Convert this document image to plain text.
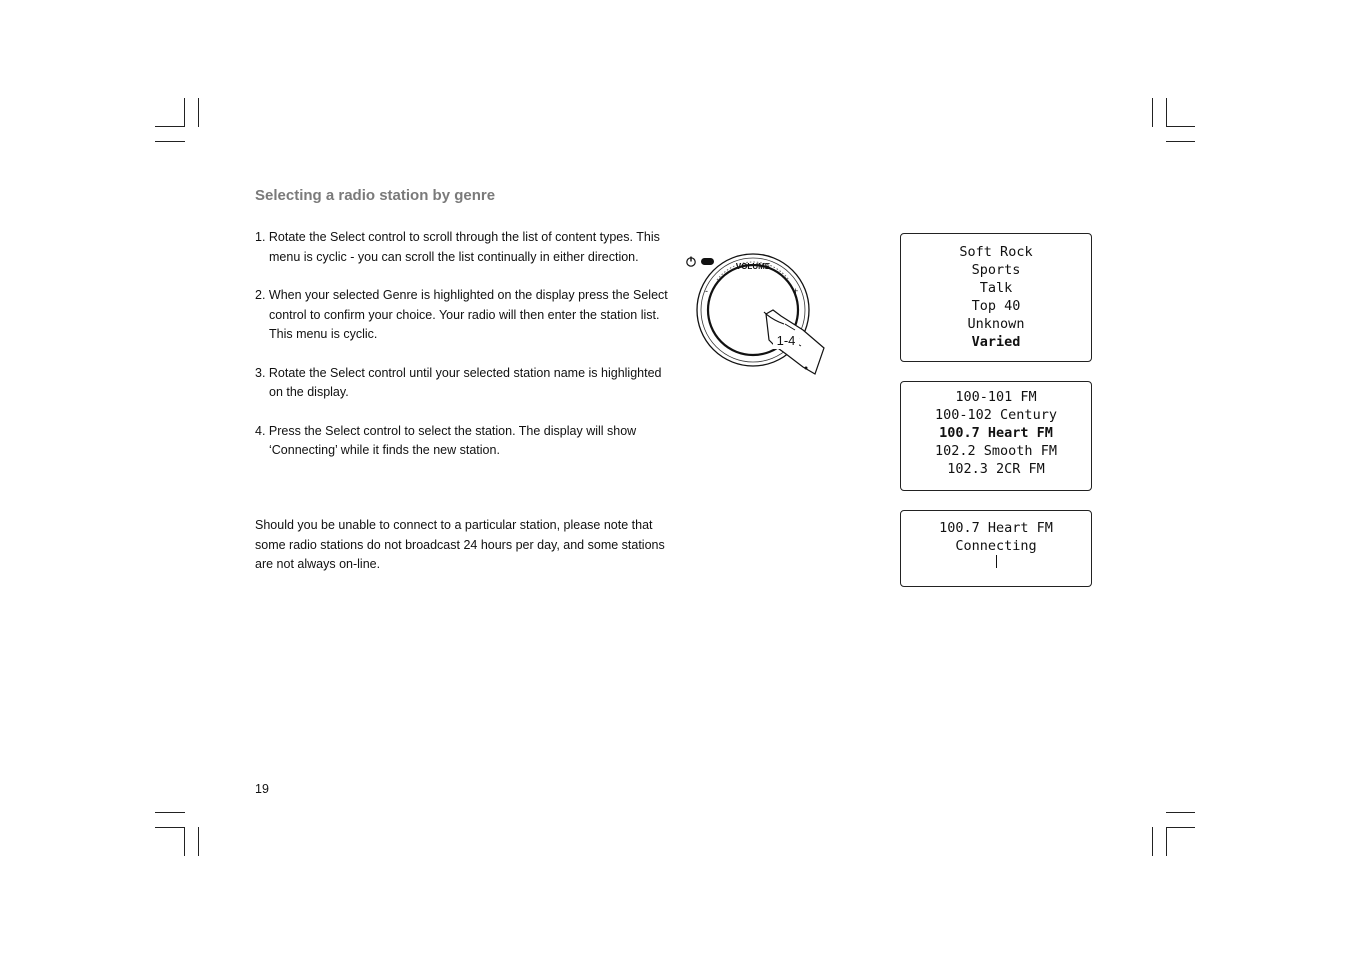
Selecting a radio station by genre
1. Rotate the Select control to scroll through the list of content types. This menu is cyclic - you can scroll the list continually in either direction.
2. When your selected Genre is highlighted on the display press the Select control to confirm your choice. Your radio will then enter the station list. This menu is cyclic.
3. Rotate the Select control until your selected station name is highlighted on the display.
4. Press the Select control to select the station. The display will show ‘Connecting’ while it finds the new station.
Should you be unable to connect to a particular station, please note that some radio stations do not broadcast 24 hours per day, and some stations are not always on-line.
19
VOLUME
-	+
1-4
Soft Rock
Sports
Talk
Top 40
Unknown
Varied
100-101 FM
100-102 Century
100.7 Heart FM
102.2 Smooth FM
102.3 2CR FM
100.7 Heart FM
Connecting
